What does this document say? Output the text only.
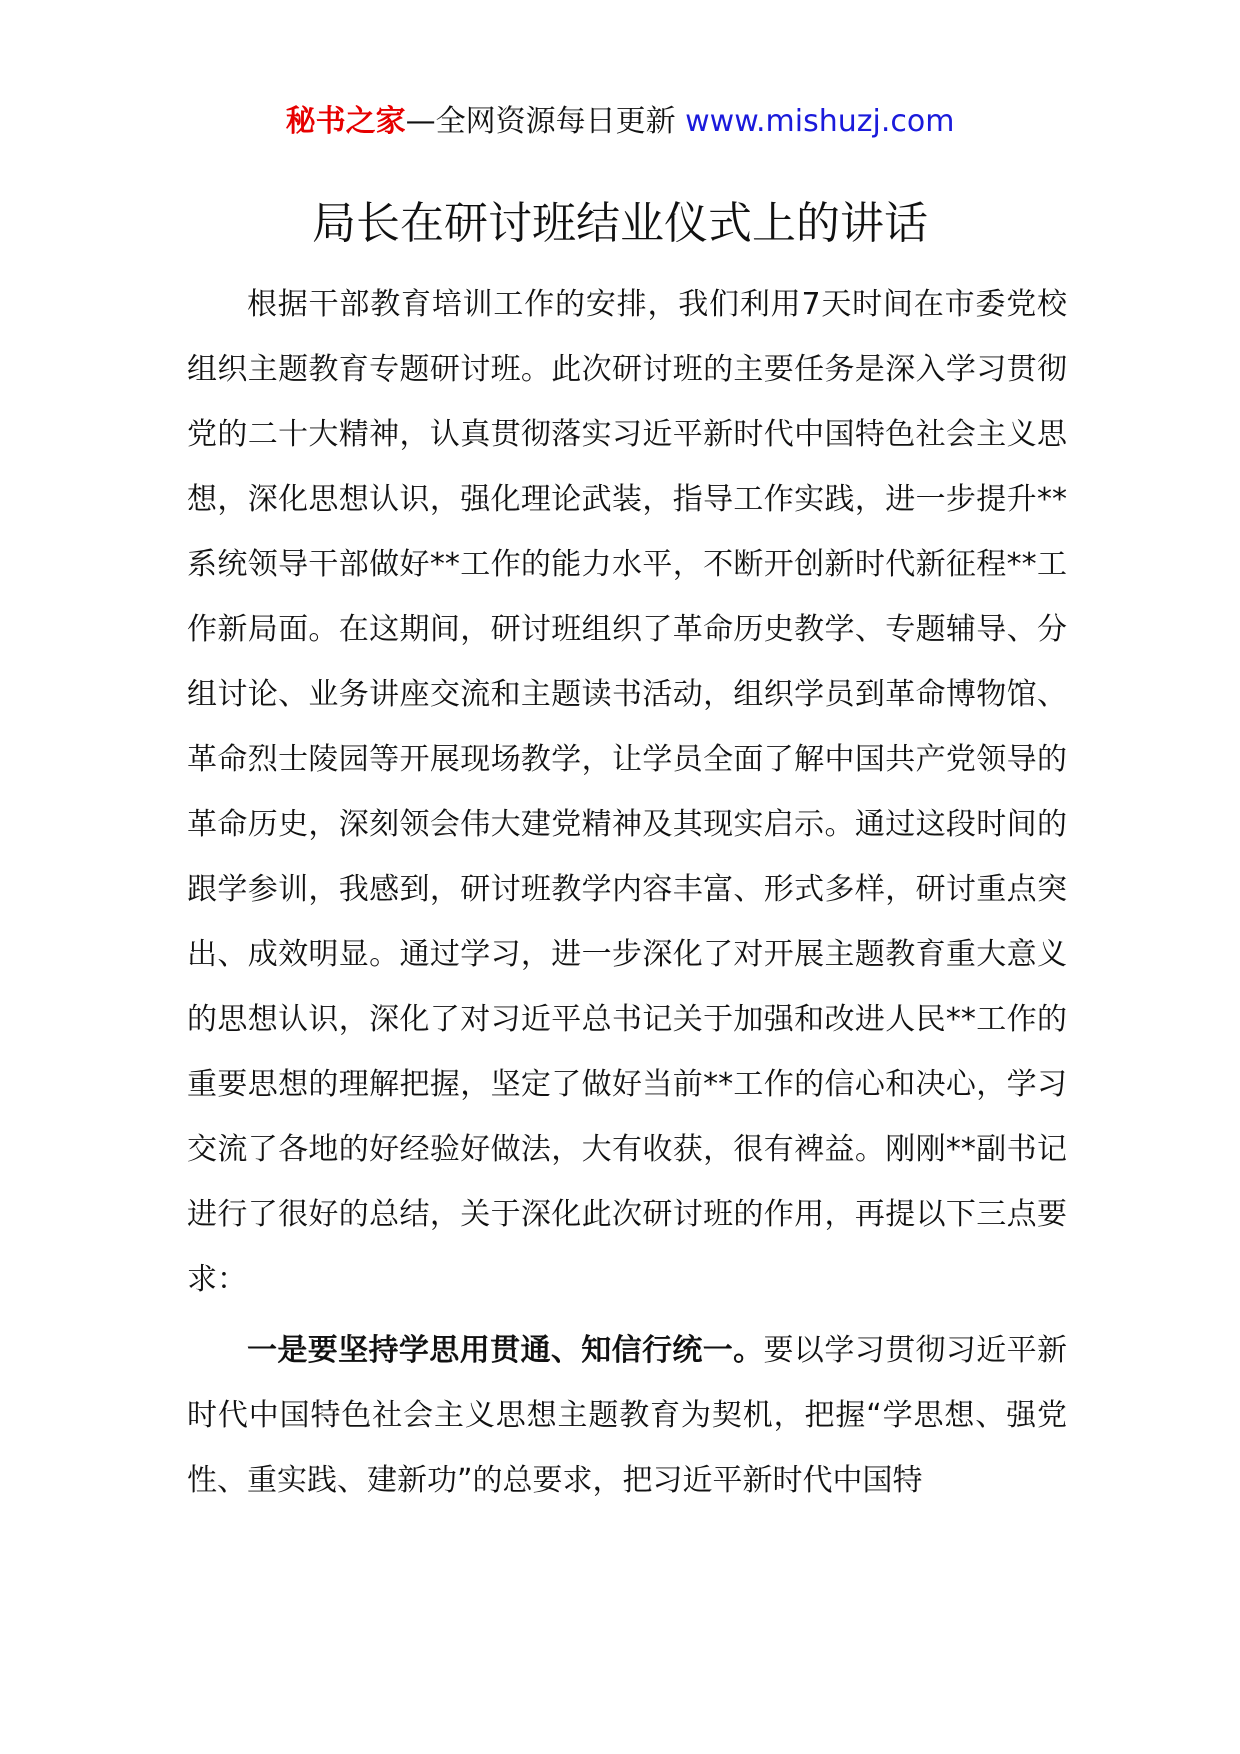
秘书之家—全网资源每日更新 www.mishuzj.com
局长在研讨班结业仪式上的讲话

根据干部教育培训工作的安排，我们利用7天时间在市委党校组织主题教育专题研讨班。此次研讨班的主要任务是深入学习贯彻党的二十大精神，认真贯彻落实习近平新时代中国特色社会主义思想，深化思想认识，强化理论武装，指导工作实践，进一步提升**系统领导干部做好**工作的能力水平，不断开创新时代新征程**工作新局面。在这期间，研讨班组织了革命历史教学、专题辅导、分组讨论、业务讲座交流和主题读书活动，组织学员到革命博物馆、革命烈士陵园等开展现场教学，让学员全面了解中国共产党领导的革命历史，深刻领会伟大建党精神及其现实启示。通过这段时间的跟学参训，我感到，研讨班教学内容丰富、形式多样，研讨重点突出、成效明显。通过学习，进一步深化了对开展主题教育重大意义的思想认识，深化了对习近平总书记关于加强和改进人民**工作的重要思想的理解把握，坚定了做好当前**工作的信心和决心，学习交流了各地的好经验好做法，大有收获，很有裨益。刚刚**副书记进行了很好的总结，关于深化此次研讨班的作用，再提以下三点要求：

一是要坚持学思用贯通、知信行统一。要以学习贯彻习近平新时代中国特色社会主义思想主题教育为契机，把握“学思想、强党性、重实践、建新功”的总要求，把习近平新时代中国特
